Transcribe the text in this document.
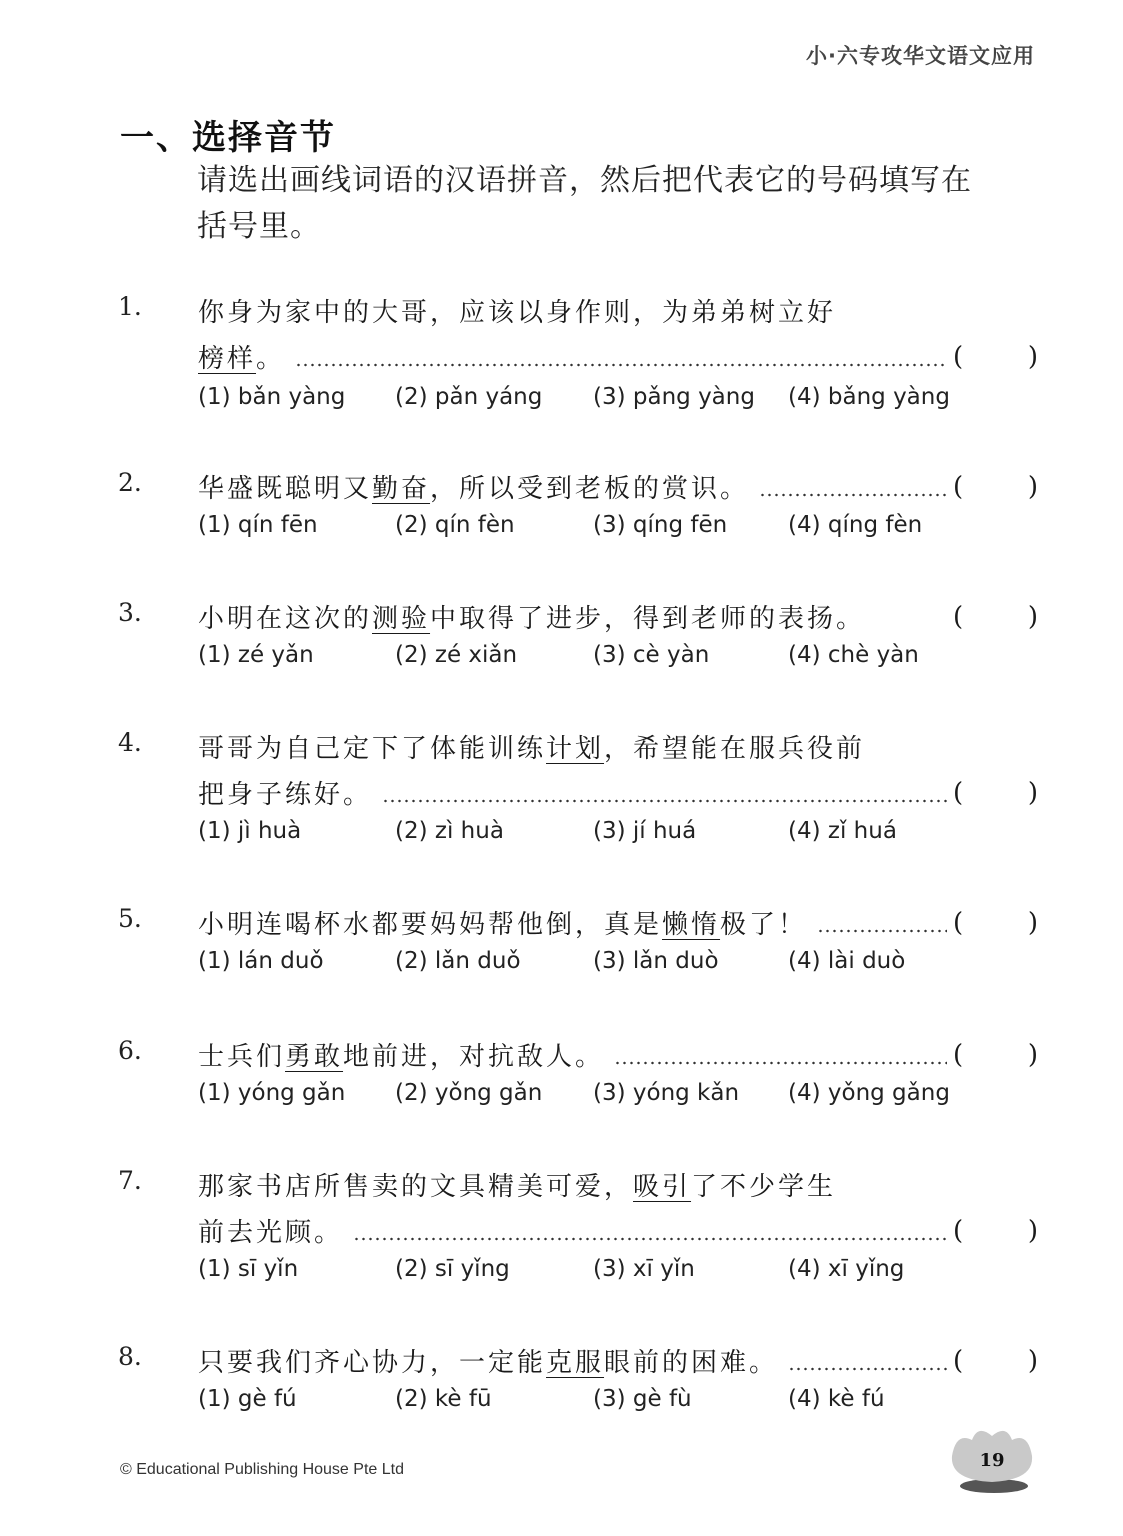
小·六专攻华文语文应用
一、选择音节
请选出画线词语的汉语拼音，然后把代表它的号码填写在
括号里。
1. 你身为家中的大哥，应该以身作则，为弟弟树立好
榜样。	( )
(1) bǎn yàng (2) pǎn yáng (3) pǎng yàng (4) bǎng yàng
2. 华盛既聪明又勤奋，所以受到老板的赏识。	( )
(1) qín fēn	(2) qín fèn	(3) qíng fēn	(4) qíng fèn
3. 小明在这次的测验中取得了进步，得到老师的表扬。	( )
(1) zé yǎn	(2) zé xiǎn	(3) cè yàn	(4) chè yàn
4. 哥哥为自己定下了体能训练计划，希望能在服兵役前
把身子练好。	( )
(1) jì huà	(2) zì huà	(3) jí huá	(4) zǐ huá
5. 小明连喝杯水都要妈妈帮他倒，真是懒惰极了！	( )
(1) lán duǒ	(2) lǎn duǒ	(3) lǎn duò	(4) lài duò
6. 士兵们勇敢地前进，对抗敌人。	( )
(1) yóng gǎn (2) yǒng gǎn (3) yóng kǎn (4) yǒng gǎng
7. 那家书店所售卖的文具精美可爱，吸引了不少学生
前去光顾。	( )
(1) sī yǐn	(2) sī yǐng	(3) xī yǐn	(4) xī yǐng
8. 只要我们齐心协力，一定能克服眼前的困难。	( )
(1) gè fú	(2) kè fū	(3) gè fù	(4) kè fú
© Educational Publishing House Pte Ltd	19
